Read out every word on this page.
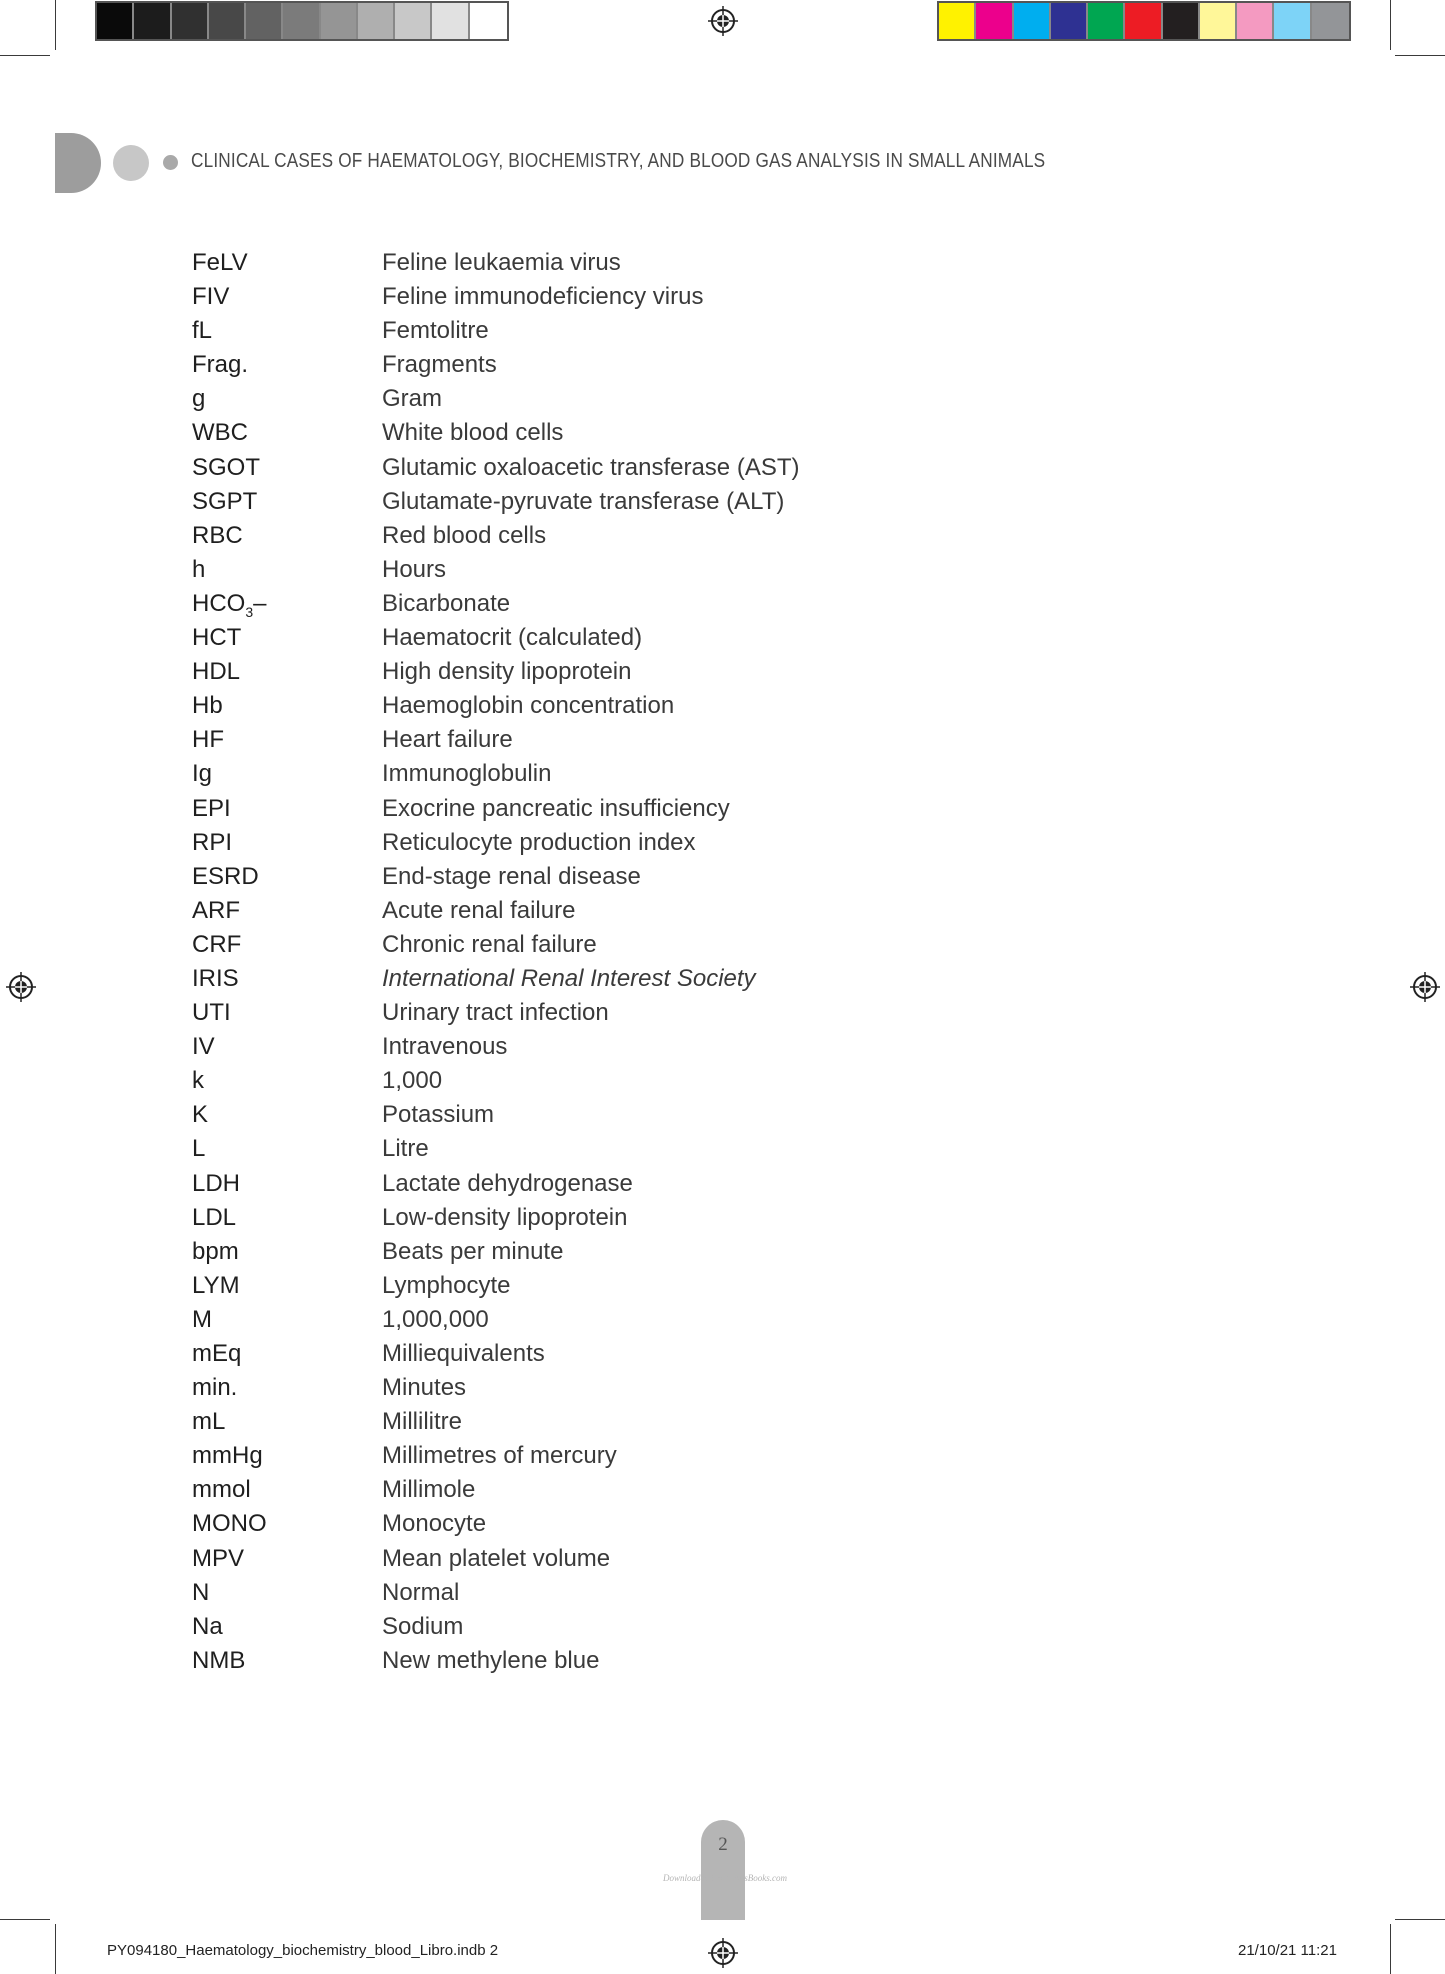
CLINICAL CASES OF HAEMATOLOGY, BIOCHEMISTRY, AND BLOOD GAS ANALYSIS IN SMALL ANIMALS
FeLV	Feline leukaemia virus
FIV	Feline immunodeficiency virus
fL	Femtolitre
Frag.	Fragments
g	Gram
WBC	White blood cells
SGOT	Glutamic oxaloacetic transferase (AST)
SGPT	Glutamate-pyruvate transferase (ALT)
RBC	Red blood cells
h	Hours
$HCO_3-$	Bicarbonate
HCT	Haematocrit (calculated)
HDL	High density lipoprotein
Hb	Haemoglobin concentration
HF	Heart failure
Ig	Immunoglobulin
EPI	Exocrine pancreatic insufficiency
RPI	Reticulocyte production index
ESRD	End-stage renal disease
ARF	Acute renal failure
CRF	Chronic renal failure
IRIS	International Renal Interest Society
UTI	Urinary tract infection
IV	Intravenous
k	1,000
K	Potassium
L	Litre
LDH	Lactate dehydrogenase
LDL	Low-density lipoprotein
bpm	Beats per minute
LYM	Lymphocyte
M	1,000,000
mEq	Milliequivalents
min.	Minutes
mL	Millilitre
mmHg	Millimetres of mercury
mmol	Millimole
MONO	Monocyte
MPV	Mean platelet volume
N	Normal
Na	Sodium
NMB	New methylene blue
2
Downloaded From VetsBooks.com
PY094180_Haematology_biochemistry_blood_Libro.indb 2	21/10/21 11:21
